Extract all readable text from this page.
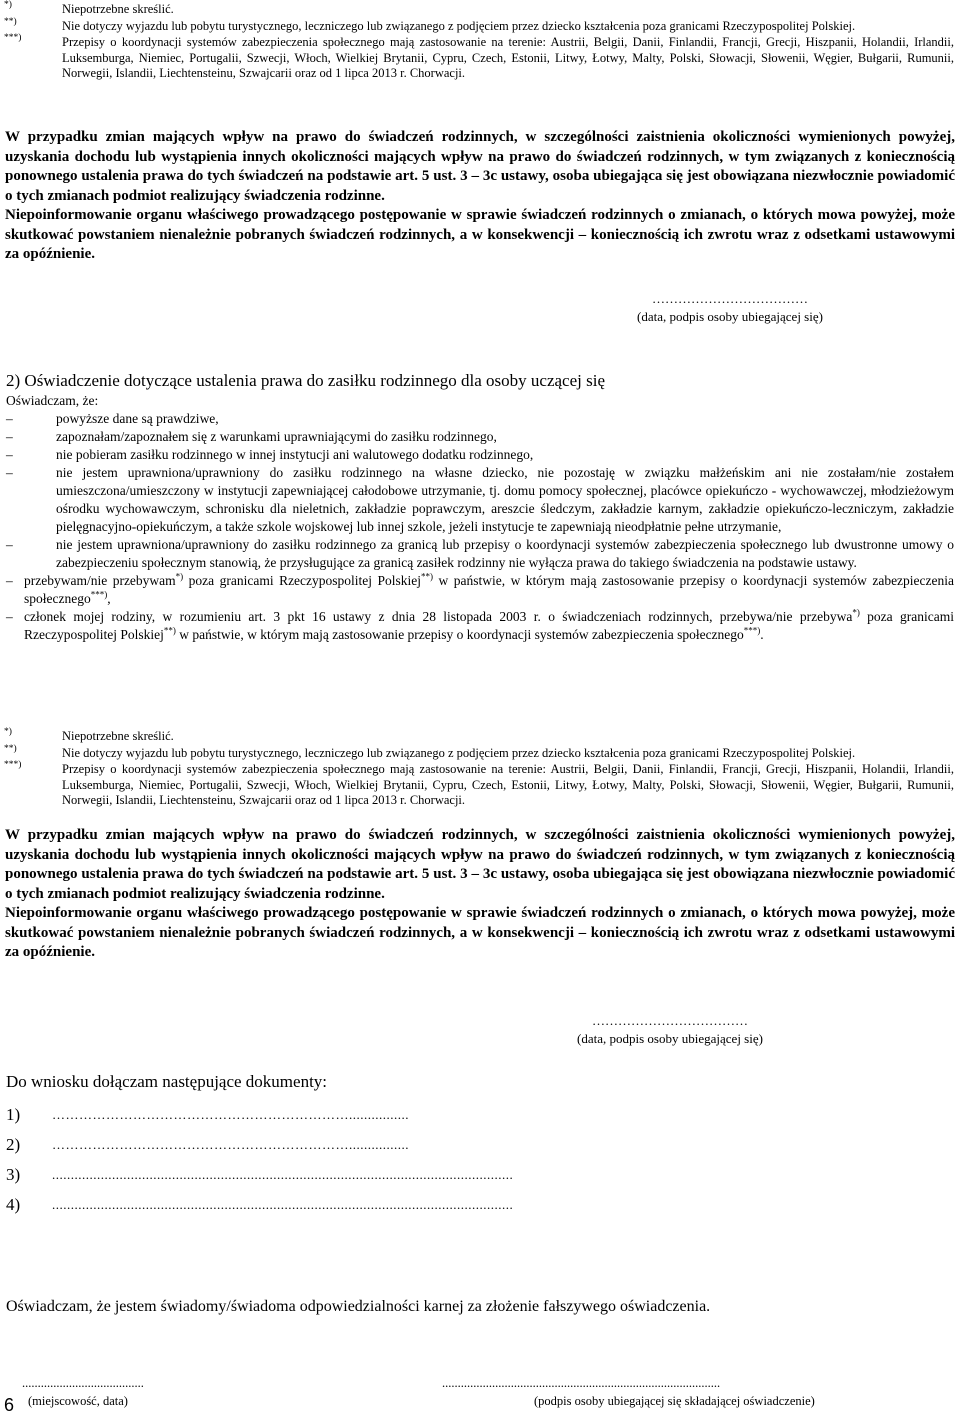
*)	Niepotrzebne skreślić.
**)	Nie dotyczy wyjazdu lub pobytu turystycznego, leczniczego lub związanego z podjęciem przez dziecko kształcenia poza granicami Rzeczypospolitej Polskiej.
***)	Przepisy o koordynacji systemów zabezpieczenia społecznego mają zastosowanie na terenie: Austrii, Belgii, Danii, Finlandii, Francji, Grecji, Hiszpanii, Holandii, Irlandii, Luksemburga, Niemiec, Portugalii, Szwecji, Włoch, Wielkiej Brytanii, Cypru, Czech, Estonii, Litwy, Łotwy, Malty, Polski, Słowacji, Słowenii, Węgier, Bułgarii, Rumunii, Norwegii, Islandii, Liechtensteinu, Szwajcarii oraz od 1 lipca 2013 r. Chorwacji.
W przypadku zmian mających wpływ na prawo do świadczeń rodzinnych, w szczególności zaistnienia okoliczności wymienionych powyżej, uzyskania dochodu lub wystąpienia innych okoliczności mających wpływ na prawo do świadczeń rodzinnych, w tym związanych z koniecznością ponownego ustalenia prawa do tych świadczeń na podstawie art. 5 ust. 3 – 3c ustawy, osoba ubiegająca się jest obowiązana niezwłocznie powiadomić o tych zmianach podmiot realizujący świadczenia rodzinne.
Niepoinformowanie organu właściwego prowadzącego postępowanie w sprawie świadczeń rodzinnych o zmianach, o których mowa powyżej, może skutkować powstaniem nienależnie pobranych świadczeń rodzinnych, a w konsekwencji – koniecznością ich zwrotu wraz z odsetkami ustawowymi za opóźnienie.
………………………………
(data, podpis osoby ubiegającej się)
2) Oświadczenie dotyczące ustalenia prawa do zasiłku rodzinnego dla osoby uczącej się
Oświadczam, że:
–	powyższe dane są prawdziwe,
–	zapoznałam/zapoznałem się z warunkami uprawniającymi do zasiłku rodzinnego,
–	nie pobieram zasiłku rodzinnego w innej instytucji ani walutowego dodatku rodzinnego,
–	nie jestem uprawniona/uprawniony do zasiłku rodzinnego na własne dziecko, nie pozostaję w związku małżeńskim ani nie zostałam/nie zostałem umieszczona/umieszczony w instytucji zapewniającej całodobowe utrzymanie, tj. domu pomocy społecznej, placówce opiekuńczo - wychowawczej, młodzieżowym ośrodku wychowawczym, schronisku dla nieletnich, zakładzie poprawczym, areszcie śledczym, zakładzie karnym, zakładzie opiekuńczo-leczniczym, zakładzie pielęgnacyjno-opiekuńczym, a także szkole wojskowej lub innej szkole, jeżeli instytucje te zapewniają nieodpłatnie pełne utrzymanie,
–	nie jestem uprawniona/uprawniony do zasiłku rodzinnego za granicą lub przepisy o koordynacji systemów zabezpieczenia społecznego lub dwustronne umowy o zabezpieczeniu społecznym stanowią, że przysługujące za granicą zasiłek rodzinny nie wyłącza prawa do takiego świadczenia na podstawie ustawy.
– przebywam/nie przebywam*) poza granicami Rzeczypospolitej Polskiej**) w państwie, w którym mają zastosowanie przepisy o koordynacji systemów zabezpieczenia społecznego***),
– członek mojej rodziny, w rozumieniu art. 3 pkt 16 ustawy z dnia 28 listopada 2003 r. o świadczeniach rodzinnych, przebywa/nie przebywa*) poza granicami Rzeczypospolitej Polskiej**) w państwie, w którym mają zastosowanie przepisy o koordynacji systemów zabezpieczenia społecznego***).
*)	Niepotrzebne skreślić.
**)	Nie dotyczy wyjazdu lub pobytu turystycznego, leczniczego lub związanego z podjęciem przez dziecko kształcenia poza granicami Rzeczypospolitej Polskiej.
***)	Przepisy o koordynacji systemów zabezpieczenia społecznego mają zastosowanie na terenie: Austrii, Belgii, Danii, Finlandii, Francji, Grecji, Hiszpanii, Holandii, Irlandii, Luksemburga, Niemiec, Portugalii, Szwecji, Włoch, Wielkiej Brytanii, Cypru, Czech, Estonii, Litwy, Łotwy, Malty, Polski, Słowacji, Słowenii, Węgier, Bułgarii, Rumunii, Norwegii, Islandii, Liechtensteinu, Szwajcarii oraz od 1 lipca 2013 r. Chorwacji.
W przypadku zmian mających wpływ na prawo do świadczeń rodzinnych, w szczególności zaistnienia okoliczności wymienionych powyżej, uzyskania dochodu lub wystąpienia innych okoliczności mających wpływ na prawo do świadczeń rodzinnych, w tym związanych z koniecznością ponownego ustalenia prawa do tych świadczeń na podstawie art. 5 ust. 3 – 3c ustawy, osoba ubiegająca się jest obowiązana niezwłocznie powiadomić o tych zmianach podmiot realizujący świadczenia rodzinne.
Niepoinformowanie organu właściwego prowadzącego postępowanie w sprawie świadczeń rodzinnych o zmianach, o których mowa powyżej, może skutkować powstaniem nienależnie pobranych świadczeń rodzinnych, a w konsekwencji – koniecznością ich zwrotu wraz z odsetkami ustawowymi za opóźnienie.
………………………………
(data, podpis osoby ubiegającej się)
Do wniosku dołączam następujące dokumenty:
1) …………………………………………………………................
2) …………………………………………………………................
3) ...........................................................................................................................
4) ...........................................................................................................................
Oświadczam, że jestem świadomy/świadoma odpowiedzialności karnej za złożenie fałszywego oświadczenia.
.......................................
(miejscowość, data)
.........................................................................................
(podpis osoby ubiegającej się składającej oświadczenie)
6
